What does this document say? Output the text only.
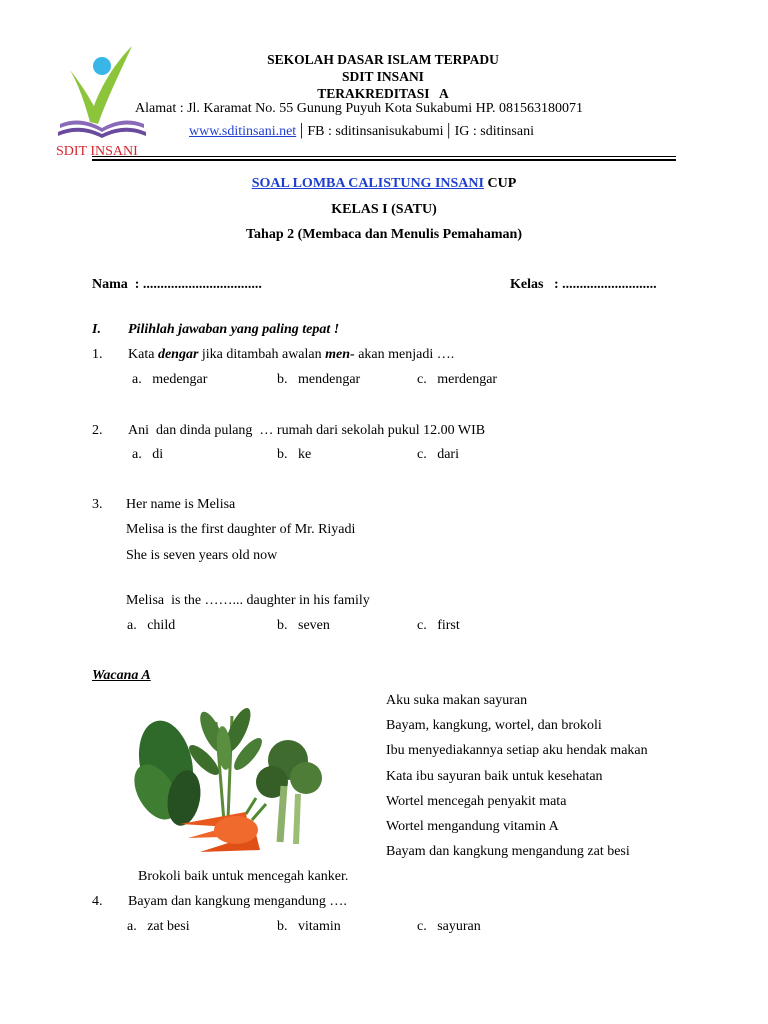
SDIT INSANI
SEKOLAH DASAR ISLAM TERPADU
SDIT INSANI
TERAKREDITASI   A
Alamat : Jl. Karamat No. 55 Gunung Puyuh Kota Sukabumi HP. 081563180071
www.sditinsani.net | FB : sditinsanisukabumi | IG : sditinsani
SOAL LOMBA CALISTUNG INSANI CUP
KELAS I (SATU)
Tahap 2 (Membaca dan Menulis Pemahaman)
Nama  : ..................................	Kelas   : ...........................
I. Pilihlah jawaban yang paling tepat !
1. Kata dengar jika ditambah awalan men- akan menjadi ….
a.   medengar	b.   mendengar	c.   merdengar
2. Ani  dan dinda pulang  … rumah dari sekolah pukul 12.00 WIB
a.   di	b.   ke	c.   dari
3. Her name is Melisa
Melisa is the first daughter of Mr. Riyadi
She is seven years old now
Melisa  is the ……... daughter in his family
a.   child	b.   seven	c.   first
Wacana A
Aku suka makan sayuran
Bayam, kangkung, wortel, dan brokoli
Ibu menyediakannya setiap aku hendak makan
Kata ibu sayuran baik untuk kesehatan
Wortel mencegah penyakit mata
Wortel mengandung vitamin A
Bayam dan kangkung mengandung zat besi
Brokoli baik untuk mencegah kanker.
4. Bayam dan kangkung mengandung ….
a.   zat besi	b.   vitamin	c.   sayuran
